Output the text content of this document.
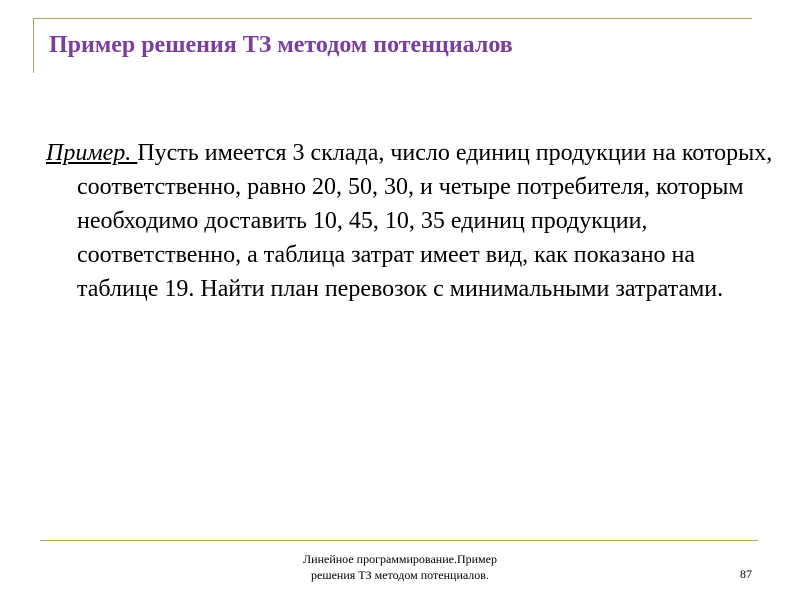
Пример решения ТЗ методом потенциалов

Пример. Пусть имеется 3 склада, число единиц продукции на которых, соответственно, равно 20, 50, 30, и четыре потребителя, которым необходимо доставить 10, 45, 10, 35 единиц продукции, соответственно, а таблица затрат имеет вид, как показано на таблице 19. Найти план перевозок с минимальными затратами.

Линейное программирование.Пример
решения ТЗ методом потенциалов.	87
